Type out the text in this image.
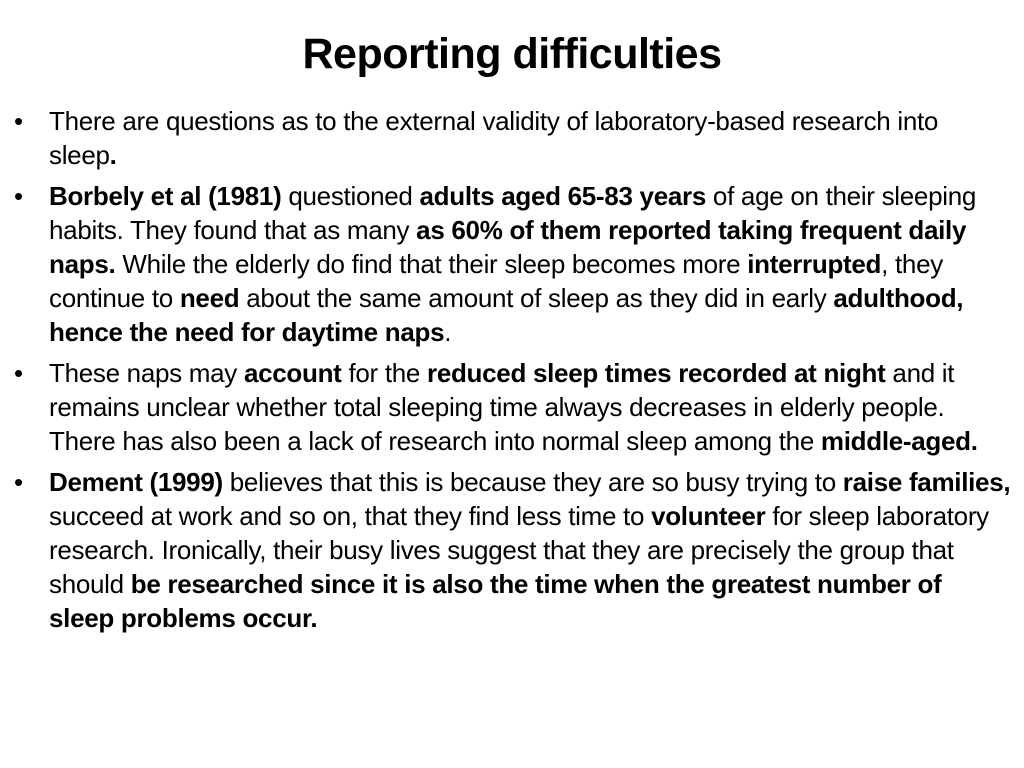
Reporting difficulties
• There are questions as to the external validity of laboratory-based research into sleep.
• Borbely et al (1981) questioned adults aged 65-83 years of age on their sleeping habits. They found that as many as 60% of them reported taking frequent daily naps. While the elderly do find that their sleep becomes more interrupted, they continue to need about the same amount of sleep as they did in early adulthood, hence the need for daytime naps.
• These naps may account for the reduced sleep times recorded at night and it remains unclear whether total sleeping time always decreases in elderly people. There has also been a lack of research into normal sleep among the middle-aged.
• Dement (1999) believes that this is because they are so busy trying to raise families, succeed at work and so on, that they find less time to volunteer for sleep laboratory research. Ironically, their busy lives suggest that they are precisely the group that should be researched since it is also the time when the greatest number of sleep problems occur.
